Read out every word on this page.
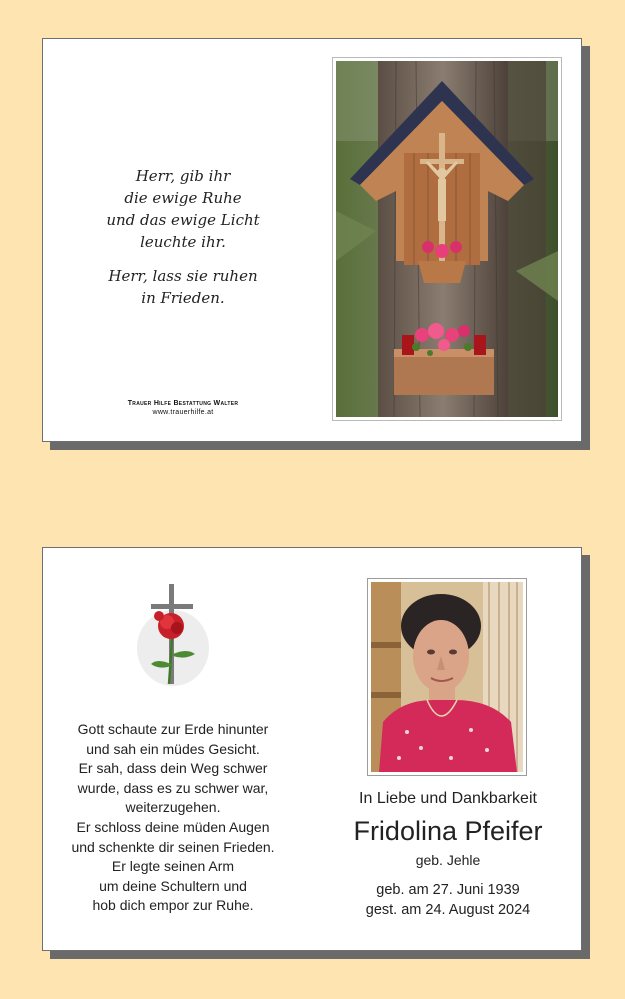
Herr, gib ihr
die ewige Ruhe
und das ewige Licht
leuchte ihr.

Herr, lass sie ruhen
in Frieden.

Trauer Hilfe Bestattung Walter
www.trauerhilfe.at
Gott schaute zur Erde hinunter
und sah ein müdes Gesicht.
Er sah, dass dein Weg schwer
wurde, dass es zu schwer war,
weiterzugehen.
Er schloss deine müden Augen
und schenkte dir seinen Frieden.
Er legte seinen Arm
um deine Schultern und
hob dich empor zur Ruhe.
In Liebe und Dankbarkeit
Fridolina Pfeifer
geb. Jehle
geb. am 27. Juni 1939
gest. am 24. August 2024
